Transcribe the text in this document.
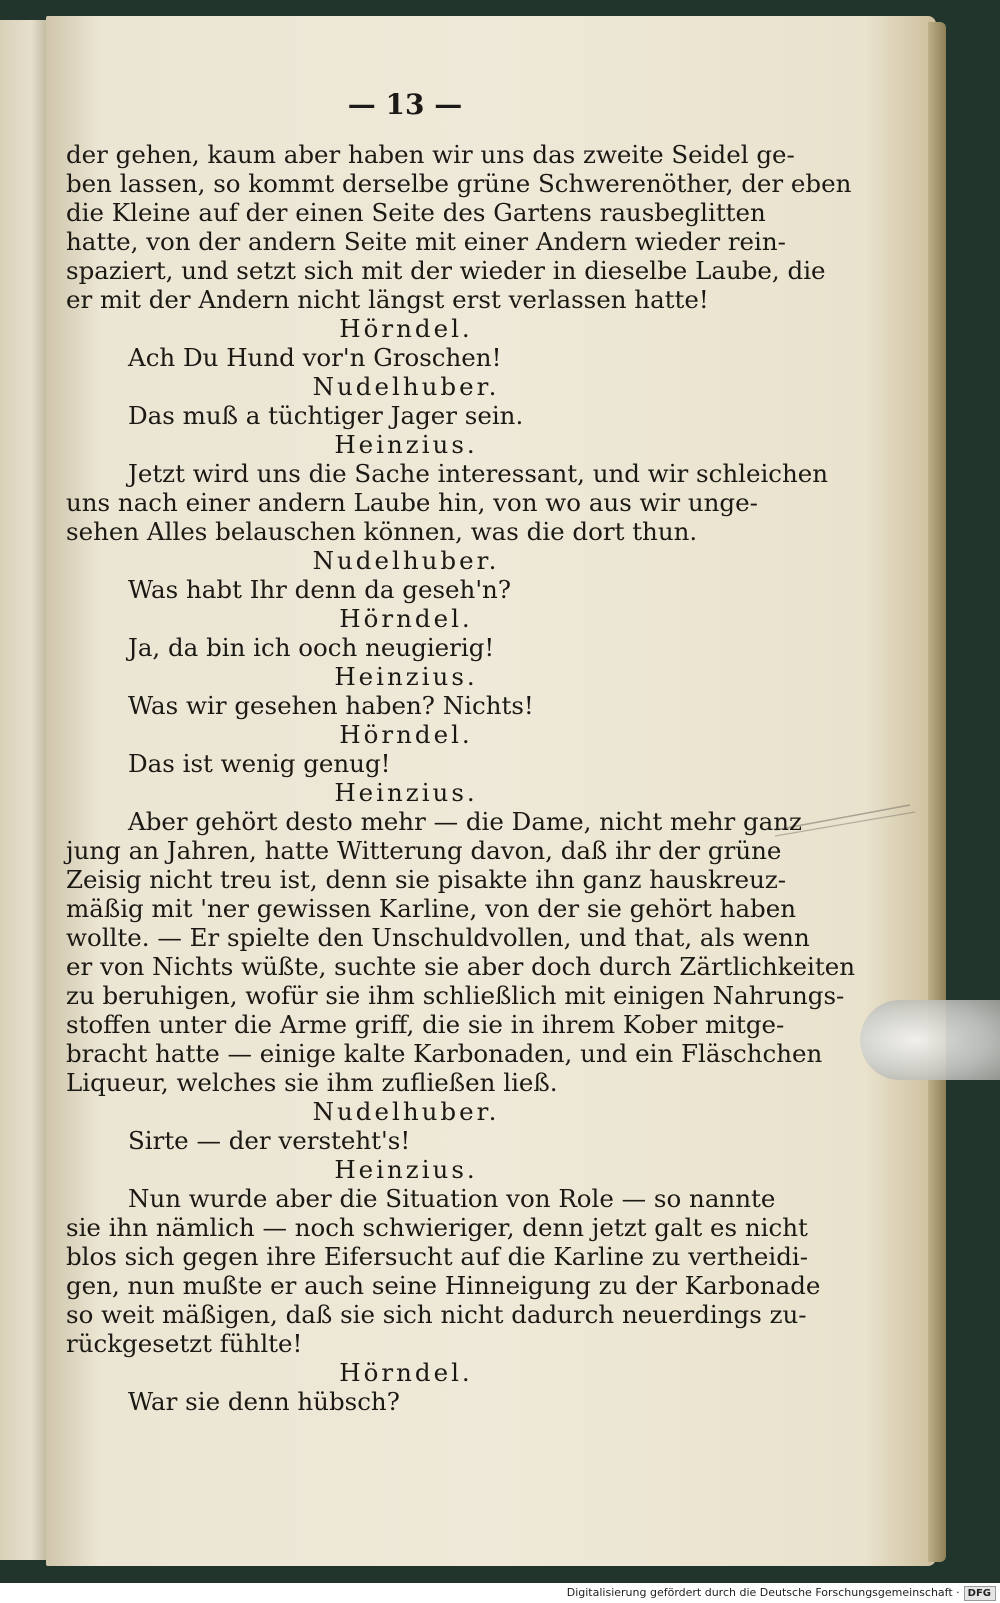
— 13 —
der gehen, kaum aber haben wir uns das zweite Seidel ge-
ben lassen, so kommt derselbe grüne Schwerenöther, der eben
die Kleine auf der einen Seite des Gartens rausbeglitten
hatte, von der andern Seite mit einer Andern wieder rein-
spaziert, und setzt sich mit der wieder in dieselbe Laube, die
er mit der Andern nicht längst erst verlassen hatte!
Hörndel.
Ach Du Hund vor'n Groschen!
Nudelhuber.
Das muß a tüchtiger Jager sein.
Heinzius.
Jetzt wird uns die Sache interessant, und wir schleichen
uns nach einer andern Laube hin, von wo aus wir unge-
sehen Alles belauschen können, was die dort thun.
Nudelhuber.
Was habt Ihr denn da geseh'n?
Hörndel.
Ja, da bin ich ooch neugierig!
Heinzius.
Was wir gesehen haben? Nichts!
Hörndel.
Das ist wenig genug!
Heinzius.
Aber gehört desto mehr — die Dame, nicht mehr ganz
jung an Jahren, hatte Witterung davon, daß ihr der grüne
Zeisig nicht treu ist, denn sie pisakte ihn ganz hauskreuz-
mäßig mit 'ner gewissen Karline, von der sie gehört haben
wollte. — Er spielte den Unschuldvollen, und that, als wenn
er von Nichts wüßte, suchte sie aber doch durch Zärtlichkeiten
zu beruhigen, wofür sie ihm schließlich mit einigen Nahrungs-
stoffen unter die Arme griff, die sie in ihrem Kober mitge-
bracht hatte — einige kalte Karbonaden, und ein Fläschchen
Liqueur, welches sie ihm zufließen ließ.
Nudelhuber.
Sirte — der versteht's!
Heinzius.
Nun wurde aber die Situation von Role — so nannte
sie ihn nämlich — noch schwieriger, denn jetzt galt es nicht
blos sich gegen ihre Eifersucht auf die Karline zu vertheidi-
gen, nun mußte er auch seine Hinneigung zu der Karbonade
so weit mäßigen, daß sie sich nicht dadurch neuerdings zu-
rückgesetzt fühlte!
Hörndel.
War sie denn hübsch?
Digitalisierung gefördert durch die Deutsche Forschungsgemeinschaft · DFG
